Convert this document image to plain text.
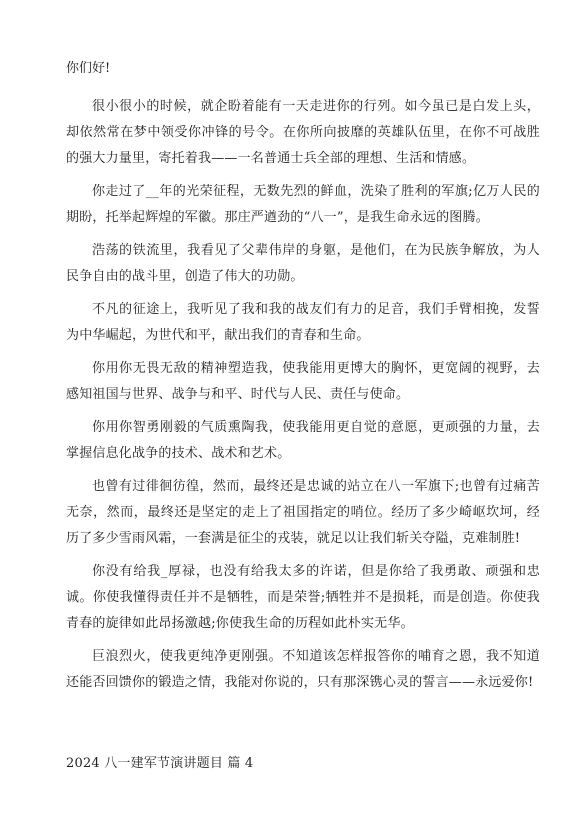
你们好!

很小很小的时候，就企盼着能有一天走进你的行列。如今虽已是白发上头，却依然常在梦中领受你冲锋的号令。在你所向披靡的英雄队伍里，在你不可战胜的强大力量里，寄托着我——一名普通士兵全部的理想、生活和情感。

你走过了__年的光荣征程，无数先烈的鲜血，洗染了胜利的军旗;亿万人民的期盼，托举起辉煌的军徽。那庄严遒劲的“八一”，是我生命永远的图腾。

浩荡的铁流里，我看见了父辈伟岸的身躯，是他们，在为民族争解放，为人民争自由的战斗里，创造了伟大的功勋。

不凡的征途上，我听见了我和我的战友们有力的足音，我们手臂相挽，发誓为中华崛起，为世代和平，献出我们的青春和生命。

你用你无畏无敌的精神塑造我，使我能用更博大的胸怀，更宽阔的视野，去感知祖国与世界、战争与和平、时代与人民、责任与使命。

你用你智勇刚毅的气质熏陶我，使我能用更自觉的意愿，更顽强的力量，去掌握信息化战争的技术、战术和艺术。

也曾有过徘徊彷徨，然而，最终还是忠诚的站立在八一军旗下;也曾有过痛苦无奈，然而，最终还是坚定的走上了祖国指定的哨位。经历了多少崎岖坎坷，经历了多少雪雨风霜，一套满是征尘的戎装，就足以让我们斩关夺隘，克难制胜!

你没有给我_厚禄，也没有给我太多的许诺，但是你给了我勇敢、顽强和忠诚。你使我懂得责任并不是牺牲，而是荣誉;牺牲并不是损耗，而是创造。你使我青春的旋律如此昂扬激越;你使我生命的历程如此朴实无华。

巨浪烈火，使我更纯净更刚强。不知道该怎样报答你的哺育之恩，我不知道还能否回馈你的锻造之情，我能对你说的，只有那深镌心灵的誓言——永远爱你!

2024 八一建军节演讲题目 篇 4
